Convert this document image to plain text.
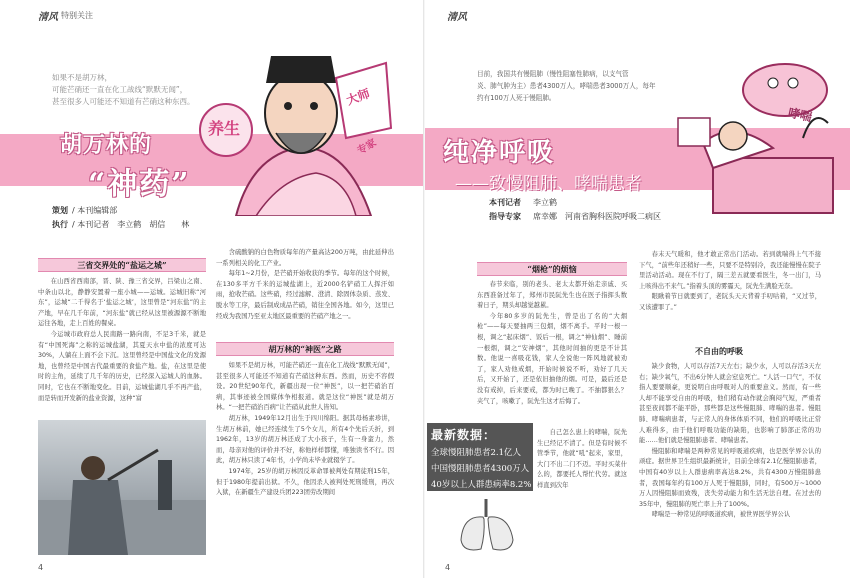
清风 特别关注
如果不是胡万林，
可能芒硝还一直在化工战线“默默无闻”，
甚至很多人可能还不知道有芒硝这种东西。
胡万林的
“神药”
养生
大师
专家
策划 / 本刊编辑部
执行 / 本刊记者　李立鹤　胡信　　林
三省交界处的“盐运之城”

在山西省西南部，晋、陕、豫三省交界，吕梁山之南、中条山以北，静静安置着一座小城——运城。运城旧称“河东”，运城“二千得名于‘盐运之城’，这里曾是“河东盐”的主产地，早在几千年前，“河东盐”就已经从这里被源源不断地运往各地，走上百姓的餐桌。

今运城市政府总人民南路一路向南，不足3千米，就是有“中国死海”之称的运城盐湖，其夏天水中盐的浓度可达30%，人躺在上面不会下沉。这里曾经是中国盐文化的发源地，也曾经是中国古代最重要的食盐产地。盐，在这里是使时的主角，延续了几千年的历史，已经深入运城人的血脉。同时，它也在不断地变化。目前，运城盐湖几乎不再产盐，而是转而开发新的盐业资源，这种“富

含硫酸钠的白色物质每年的产量高达200万吨，由此延伸出一系列相关的化工产业。

每年1~2月份，是芒硝开始收获的季节。每年的这个时候，在130多平方千米的运城盐湖上，近2000名铲硝工人挥汗如雨，抢收芒硝。这些硝，经过滤解、澄清、除固体杂质、蒸发、脱水等工序，最后制成成品芒硝，销往全国各地。如今，这里已经成为我国乃至亚太地区最重要的芒硝产地之一。

胡万林的“神医”之路

如果不是胡万林，可能芒硝还一直在化工战线“默默无闻”，甚至很多人可能还不知道有芒硝这种东西。然而，历史不容假设。20世纪90年代，新疆出现一位“神医”，以一把芒硝治百病，其事迹被全国媒体争相报道。就是这位“神医”就是胡万林。“一把芒硝治百病”让芒硝从此世人皆知。

胡万林，1949年12月出生于四川绵阳。据其母杨素珍讲，生胡万林前，她已经连续生了5个女儿，所有4个先后夭折，到1962年，13岁的胡万林还成了大小孩子，生有一身蛮力，然而，母亲对他的评价并不好，称他样样都懂，唯独读书不行。因此，胡万林只读了4年书，小学尚未毕业就辍学了。

1974年，25岁的胡万林因反革命罪被判处有期徒刑15年，但于1980年提前出狱。不久，他因杀人被判处死刑缓刑，再次入狱，在新疆生产建设兵团223团劳改期间

4
清风
目前，我国共有慢阻肺（慢性阻塞性肺病，以支气管
炎、肺气肿为主）患者4300万人，哮喘患者3000万人，每年
约有100万人死于慢阻肺。
纯净呼吸
——致慢阻肺、哮喘患者
哮喘
本刊记者　 李立鹤
指导专家　 席幸娜　河南省胸科医院呼吸二病区
“烟枪”的烦恼

春节来临，别的老头、老太太都开始走亲戚、买东西准备过年了，郑州市民阮先生也在医子指挥头数着日子，期头却越觉越累。

今年80多岁的阮先生，曾是出了名的“大烟枪”——每天要抽两三包烟，烟不离手。平时一根一根，调之“起床烟”、饭后一根，调之“神仙烟”、睡前一根烟，调之“安神烟”，其他时间抽的更是不计其数。他说一喜吸花钱，家人全说他一阵风地就被劝了，家人劝他戒烟，开始时候说不听，劝好了几天后，又开始了，还是依旧抽他的烟。可是，最后还是没有戒掉，后来要戒，都为时已晚了。不抽都狠么？夹气了，咳嗽了，阮先生这才后悔了。

最新数据：
全球慢阻肺患者2.1亿人
中国慢阻肺患者4300万人
40岁以上人群患病率8.2%

自己怎么患上的哮喘，阮先生已经记不清了。但是有时候不管季节，他就“吼”起来，家里，大门不出二门不迈。平时买菜什么的，都要托人帮忙代劳。就这样直到次年

春末天气暖和，他才敢正常出门活动。若到就喘得上气不接下气，“前些年还稍好一些，只要不是特别冷，我还能慢慢在院子里活动活动。现在不行了，隔三差五就要看医生，冬一出门，马上咳得出不来气。”指着头顶的雾霾天，阮先生满脸无奈。

眼瞅着节日就要到了，老阮头天天背着手叨咕着，“又过节，又该遭罪了。”

不自由的呼吸

缺少食物，人可以存活7天左右；缺少水，人可以存活3天左右；缺少氧气，不出6分钟人就会窒息死亡。“人活一口气”，不仅指人要要顺豪，更说明自由呼吸对人的重要意义。然而，有一些人却不能享受自由的呼吸，他们稍有动作就会胸闷气短，严重者甚至夜间都不能平卧，那些都是这些慢阻肺、哮喘的患者。慢阻肺、哮喘病患者，与正常人的身体体质不同，他们的呼吸比正常人难得多，由于他们呼吸功能的缺陷，也影响了肺部正常的功能……他们就是慢阻肺患者、哮喘患者。

慢阻肺和哮喘是两种常见的呼吸道疾病，也是医学界公认的顽症。据世界卫生组织最新统计，目前全球有2.1亿慢阻肺患者，中国有40岁以上人群患病率高达8.2%，共有4300万慢阻肺患者，我国每年约有100万人死于慢阻肺，同时，有500万~1000万人因慢阻肺而致残，丧失劳动能力和生活无法自理。在过去的35年中，慢阻肺的死亡率上升了100%。

哮喘是一种常见的呼吸道疾病，被世界医学界公认

4
